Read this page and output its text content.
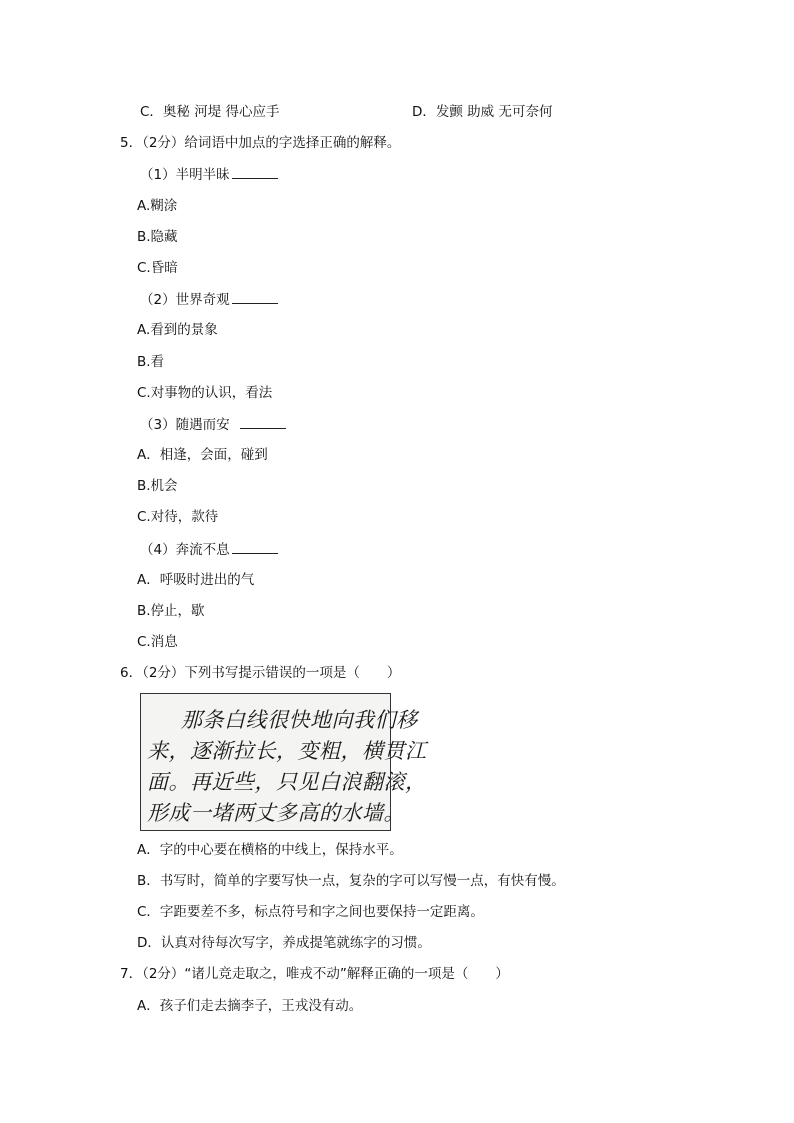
C．奥秘 河堤 得心应手	D．发颤 助威 无可奈何
5．（2分）给词语中加点的字选择正确的解释。
（1）半明半昧
A.糊涂
B.隐藏
C.昏暗
（2）世界奇观
A.看到的景象
B.看
C.对事物的认识，看法
（3）随遇而安
A．相逢，会面，碰到
B.机会
C.对待，款待
（4）奔流不息
A．呼吸时进出的气
B.停止，歇
C.消息
6．（2分）下列书写提示错误的一项是（　　）
那条白线很快地向我们移
来，逐渐拉长，变粗，横贯江
面。再近些，只见白浪翻滚，
形成一堵两丈多高的水墙。
A．字的中心要在横格的中线上，保持水平。
B．书写时，简单的字要写快一点，复杂的字可以写慢一点，有快有慢。
C．字距要差不多，标点符号和字之间也要保持一定距离。
D．认真对待每次写字，养成提笔就练字的习惯。
7．（2分）“诸儿竞走取之，唯戎不动”解释正确的一项是（　　）
A．孩子们走去摘李子，王戎没有动。
